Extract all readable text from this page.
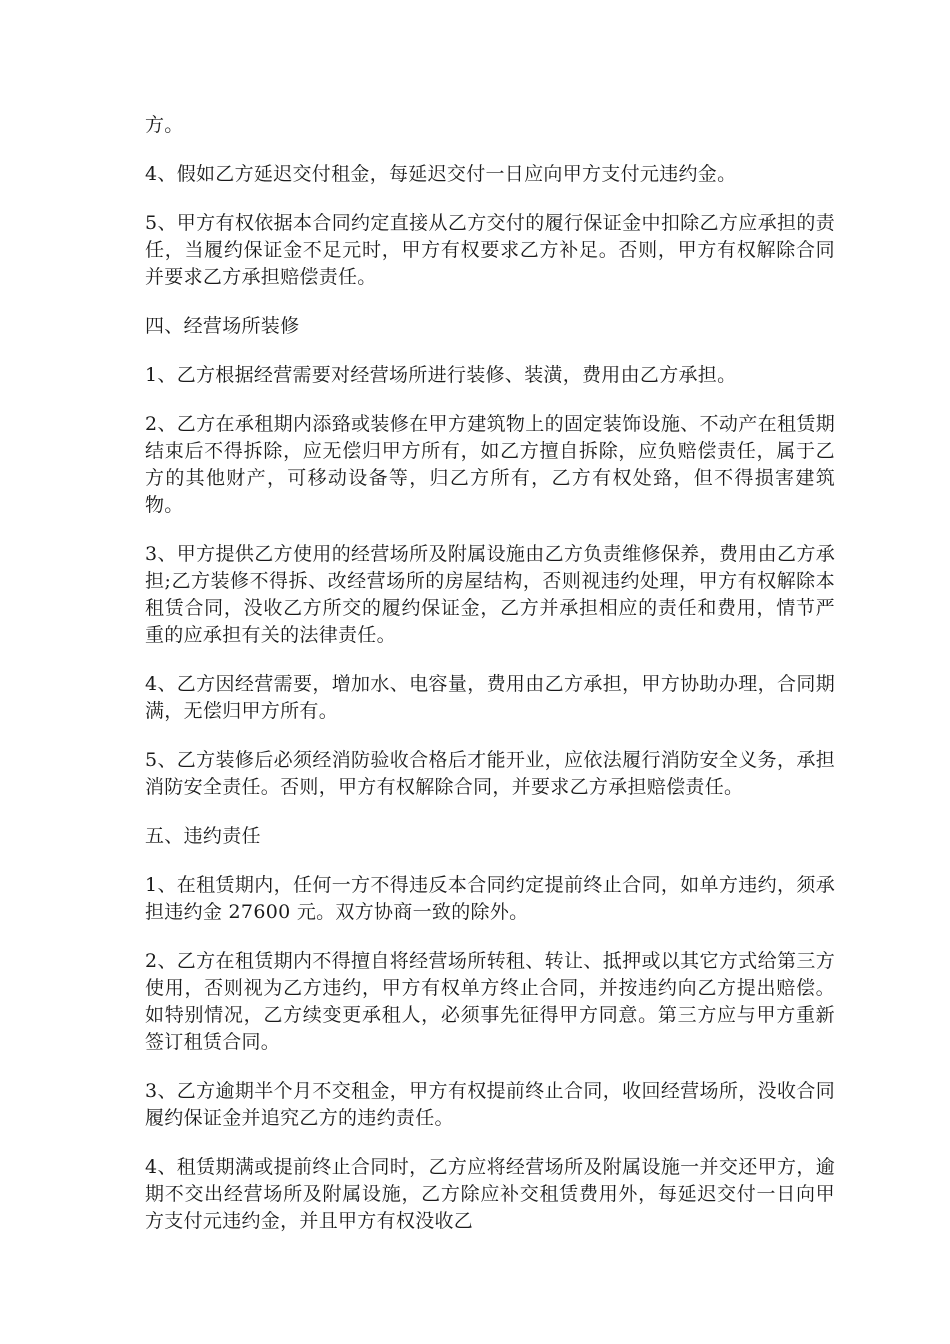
方。

4、假如乙方延迟交付租金，每延迟交付一日应向甲方支付元违约金。

5、甲方有权依据本合同约定直接从乙方交付的履行保证金中扣除乙方应承担的责任，当履约保证金不足元时，甲方有权要求乙方补足。否则，甲方有权解除合同并要求乙方承担赔偿责任。

四、经营场所装修

1、乙方根据经营需要对经营场所进行装修、装潢，费用由乙方承担。

2、乙方在承租期内添臵或装修在甲方建筑物上的固定装饰设施、不动产在租赁期结束后不得拆除，应无偿归甲方所有，如乙方擅自拆除，应负赔偿责任，属于乙方的其他财产，可移动设备等，归乙方所有，乙方有权处臵，但不得损害建筑物。

3、甲方提供乙方使用的经营场所及附属设施由乙方负责维修保养，费用由乙方承担;乙方装修不得拆、改经营场所的房屋结构，否则视违约处理，甲方有权解除本租赁合同，没收乙方所交的履约保证金，乙方并承担相应的责任和费用，情节严重的应承担有关的法律责任。

4、乙方因经营需要，增加水、电容量，费用由乙方承担，甲方协助办理，合同期满，无偿归甲方所有。

5、乙方装修后必须经消防验收合格后才能开业，应依法履行消防安全义务，承担消防安全责任。否则，甲方有权解除合同，并要求乙方承担赔偿责任。

五、违约责任

1、在租赁期内，任何一方不得违反本合同约定提前终止合同，如单方违约，须承担违约金 27600 元。双方协商一致的除外。

2、乙方在租赁期内不得擅自将经营场所转租、转让、抵押或以其它方式给第三方使用，否则视为乙方违约，甲方有权单方终止合同，并按违约向乙方提出赔偿。如特别情况，乙方续变更承租人，必须事先征得甲方同意。第三方应与甲方重新签订租赁合同。

3、乙方逾期半个月不交租金，甲方有权提前终止合同，收回经营场所，没收合同履约保证金并追究乙方的违约责任。

4、租赁期满或提前终止合同时，乙方应将经营场所及附属设施一并交还甲方，逾期不交出经营场所及附属设施，乙方除应补交租赁费用外，每延迟交付一日向甲方支付元违约金，并且甲方有权没收乙
